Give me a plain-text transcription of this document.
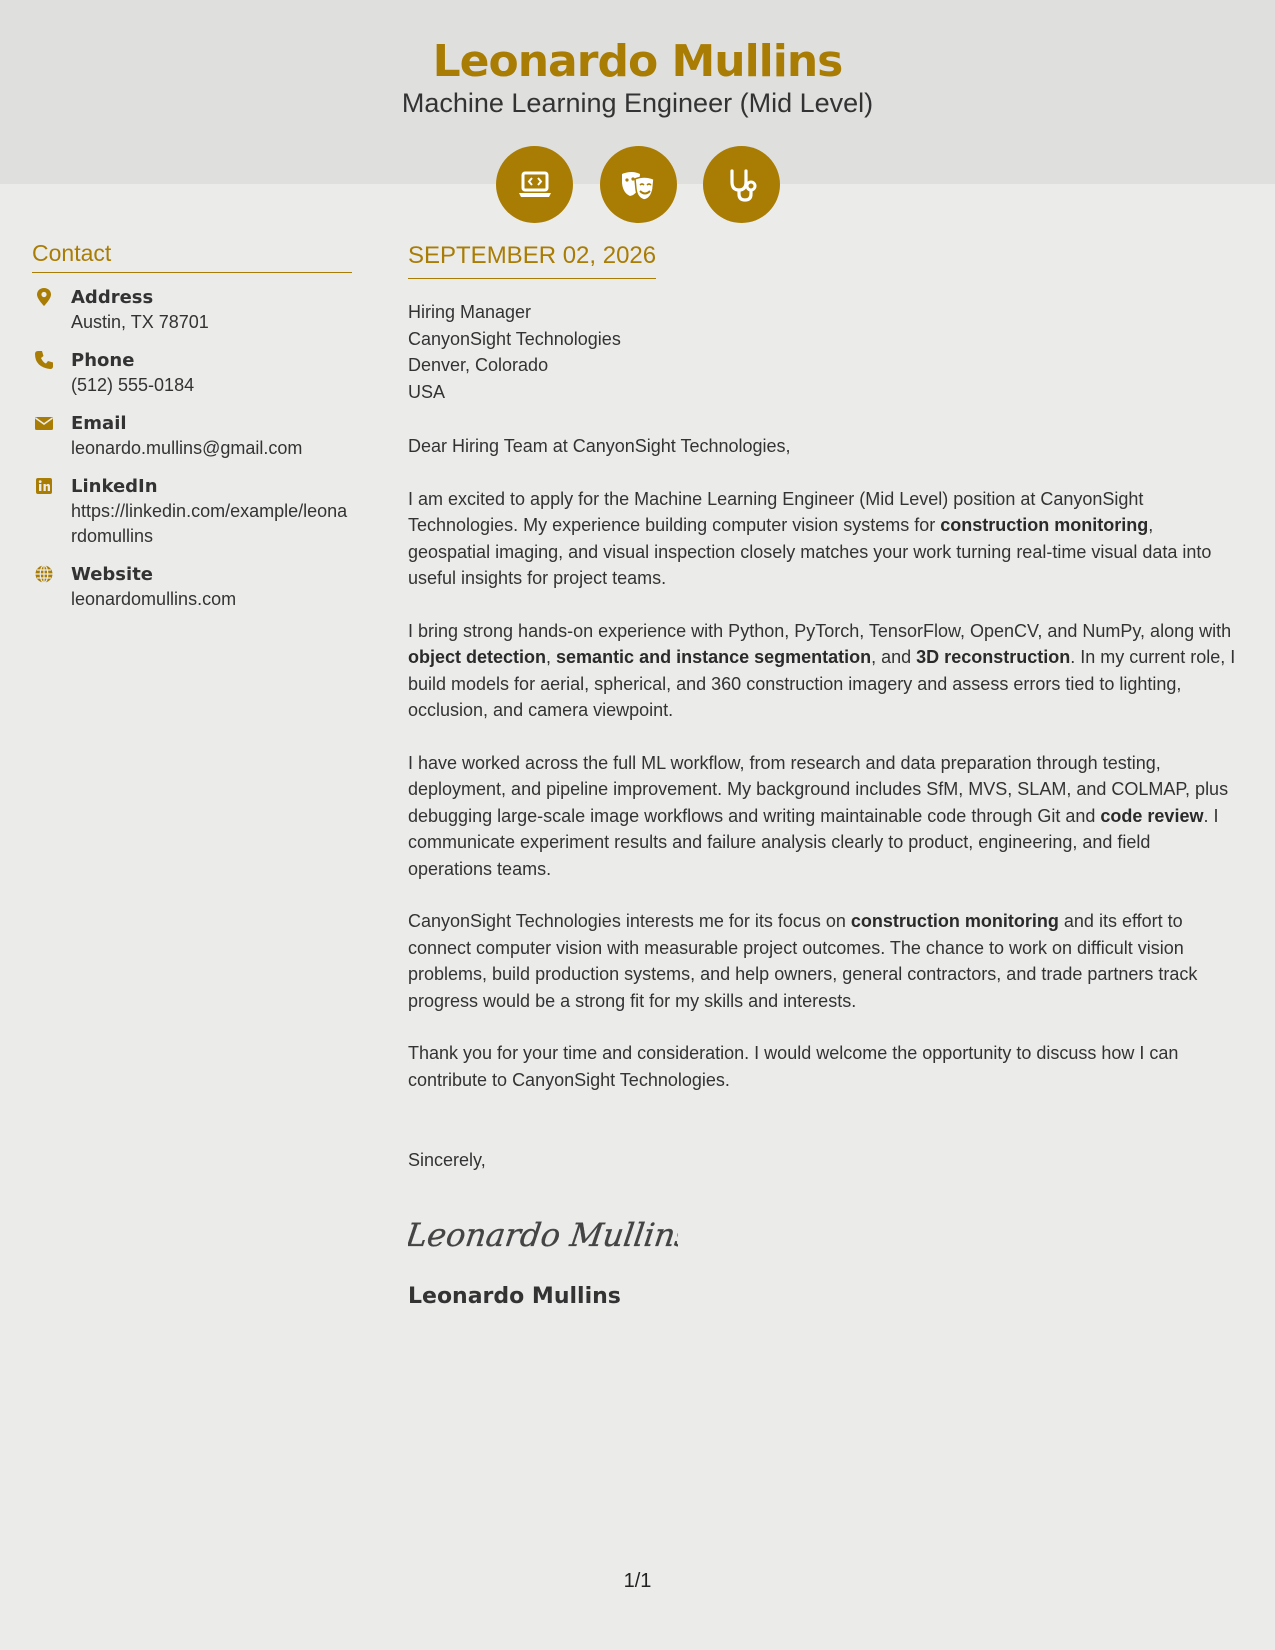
Leonardo Mullins
Machine Learning Engineer (Mid Level)
Contact
Address
Austin, TX 78701
Phone
(512) 555-0184
Email
leonardo.mullins@gmail.com
LinkedIn
https://linkedin.com/example/leonardomullins
Website
leonardomullins.com
SEPTEMBER 02, 2026
Hiring Manager
CanyonSight Technologies
Denver, Colorado
USA
Dear Hiring Team at CanyonSight Technologies,
I am excited to apply for the Machine Learning Engineer (Mid Level) position at CanyonSight Technologies. My experience building computer vision systems for construction monitoring, geospatial imaging, and visual inspection closely matches your work turning real-time visual data into useful insights for project teams.
I bring strong hands-on experience with Python, PyTorch, TensorFlow, OpenCV, and NumPy, along with object detection, semantic and instance segmentation, and 3D reconstruction. In my current role, I build models for aerial, spherical, and 360 construction imagery and assess errors tied to lighting, occlusion, and camera viewpoint.
I have worked across the full ML workflow, from research and data preparation through testing, deployment, and pipeline improvement. My background includes SfM, MVS, SLAM, and COLMAP, plus debugging large-scale image workflows and writing maintainable code through Git and code review. I communicate experiment results and failure analysis clearly to product, engineering, and field operations teams.
CanyonSight Technologies interests me for its focus on construction monitoring and its effort to connect computer vision with measurable project outcomes. The chance to work on difficult vision problems, build production systems, and help owners, general contractors, and trade partners track progress would be a strong fit for my skills and interests.
Thank you for your time and consideration. I would welcome the opportunity to discuss how I can contribute to CanyonSight Technologies.
Sincerely,
Leonardo Mullins
Leonardo Mullins
1/1
